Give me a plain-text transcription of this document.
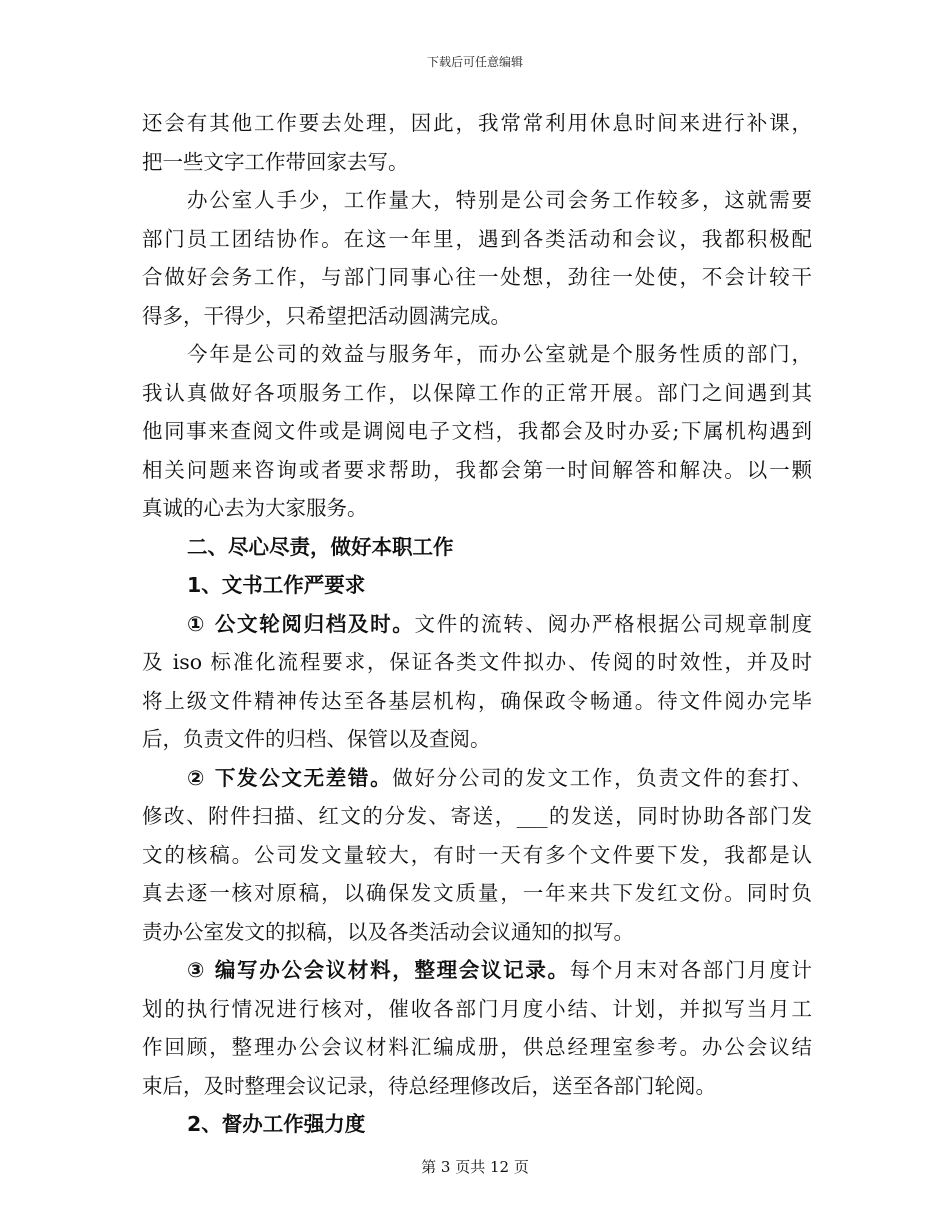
下载后可任意编辑
还会有其他工作要去处理，因此，我常常利用休息时间来进行补课，
把一些文字工作带回家去写。
办公室人手少，工作量大，特别是公司会务工作较多，这就需要
部门员工团结协作。在这一年里，遇到各类活动和会议，我都积极配
合做好会务工作，与部门同事心往一处想，劲往一处使，不会计较干
得多，干得少，只希望把活动圆满完成。
今年是公司的效益与服务年，而办公室就是个服务性质的部门，
我认真做好各项服务工作，以保障工作的正常开展。部门之间遇到其
他同事来查阅文件或是调阅电子文档，我都会及时办妥;下属机构遇到
相关问题来咨询或者要求帮助，我都会第一时间解答和解决。以一颗
真诚的心去为大家服务。
二、尽心尽责，做好本职工作
1、文书工作严要求
① 公文轮阅归档及时。文件的流转、阅办严格根据公司规章制度
及 iso 标准化流程要求，保证各类文件拟办、传阅的时效性，并及时
将上级文件精神传达至各基层机构，确保政令畅通。待文件阅办完毕
后，负责文件的归档、保管以及查阅。
② 下发公文无差错。做好分公司的发文工作，负责文件的套打、
修改、附件扫描、红文的分发、寄送，___的发送，同时协助各部门发
文的核稿。公司发文量较大，有时一天有多个文件要下发，我都是认
真去逐一核对原稿，以确保发文质量，一年来共下发红文份。同时负
责办公室发文的拟稿，以及各类活动会议通知的拟写。
③ 编写办公会议材料，整理会议记录。每个月末对各部门月度计
划的执行情况进行核对，催收各部门月度小结、计划，并拟写当月工
作回顾，整理办公会议材料汇编成册，供总经理室参考。办公会议结
束后，及时整理会议记录，待总经理修改后，送至各部门轮阅。
2、督办工作强力度
第 3 页共 12 页
